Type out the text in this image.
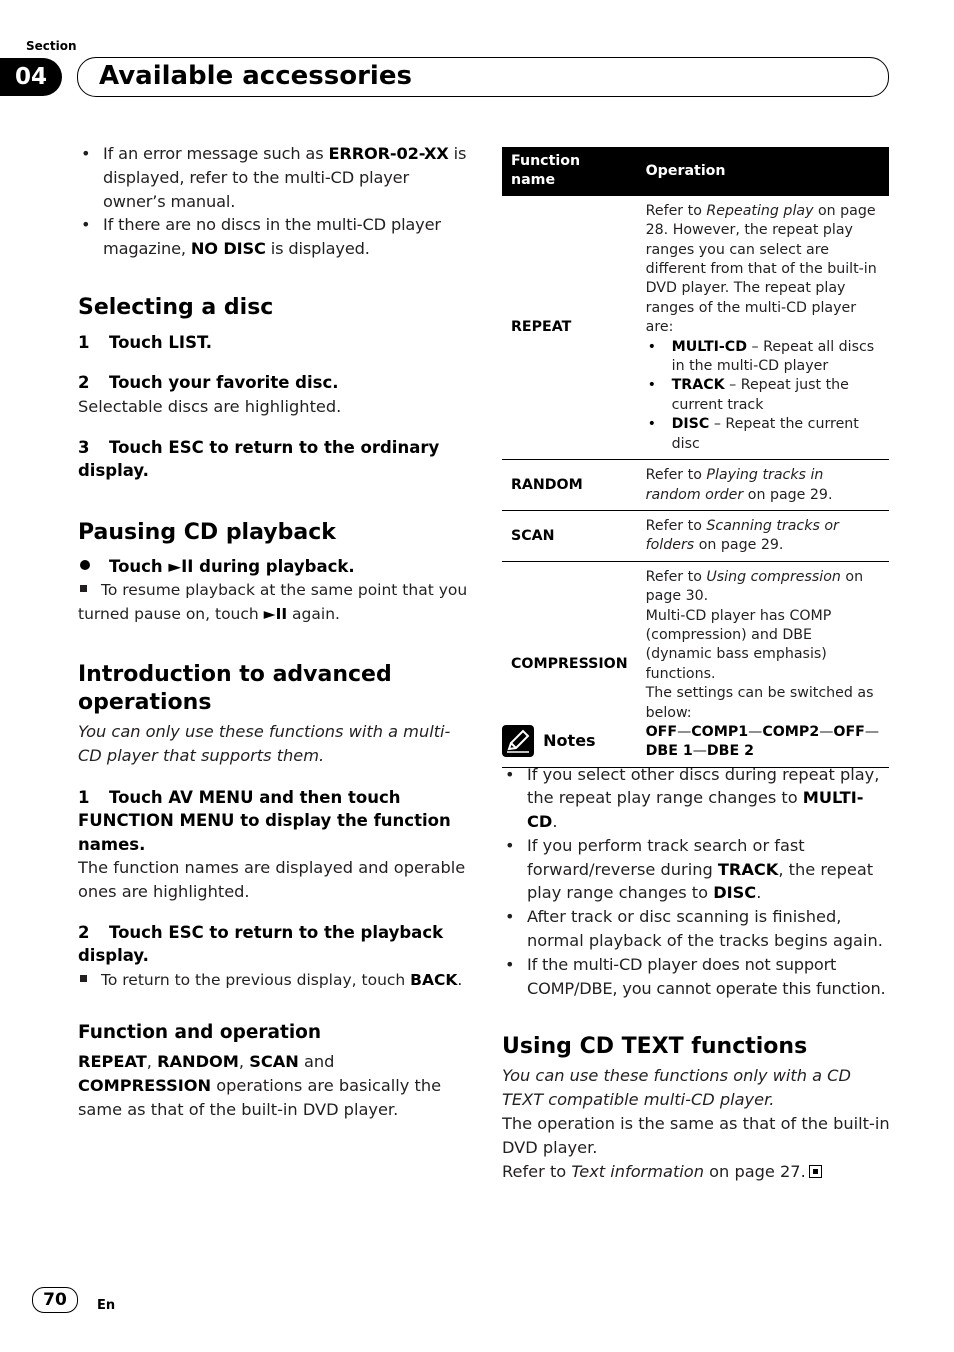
Section
04	Available accessories
• If an error message such as ERROR-02-XX is displayed, refer to the multi-CD player owner’s manual.
• If there are no discs in the multi-CD player magazine, NO DISC is displayed.
Selecting a disc
1 Touch LIST.
2 Touch your favorite disc.
Selectable discs are highlighted.
3 Touch ESC to return to the ordinary display.
Pausing CD playback
Touch ►II during playback.
To resume playback at the same point that you turned pause on, touch ►II again.
Introduction to advanced operations
You can only use these functions with a multi-CD player that supports them.
1 Touch AV MENU and then touch FUNCTION MENU to display the function names.
The function names are displayed and operable ones are highlighted.
2 Touch ESC to return to the playback display.
To return to the previous display, touch BACK.
Function and operation
REPEAT, RANDOM, SCAN and COMPRESSION operations are basically the same as that of the built-in DVD player.
Function name	Operation
REPEAT	Refer to Repeating play on page 28. However, the repeat play ranges you can select are different from that of the built-in DVD player. The repeat play ranges of the multi-CD player are:
• MULTI-CD – Repeat all discs in the multi-CD player
• TRACK – Repeat just the current track
• DISC – Repeat the current disc

RANDOM	Refer to Playing tracks in random order on page 29.
SCAN	Refer to Scanning tracks or folders on page 29.
COMPRESSION	Refer to Using compression on page 30.
Multi-CD player has COMP (compression) and DBE (dynamic bass emphasis) functions.
The settings can be switched as below:
OFF—COMP1—COMP2—OFF— DBE 1—DBE 2
Notes
• If you select other discs during repeat play, the repeat play range changes to MULTI-CD.
• If you perform track search or fast forward/reverse during TRACK, the repeat play range changes to DISC.
• After track or disc scanning is finished, normal playback of the tracks begins again.
• If the multi-CD player does not support COMP/DBE, you cannot operate this function.
Using CD TEXT functions
You can use these functions only with a CD TEXT compatible multi-CD player.
The operation is the same as that of the built-in DVD player.
Refer to Text information on page 27.
70	En
